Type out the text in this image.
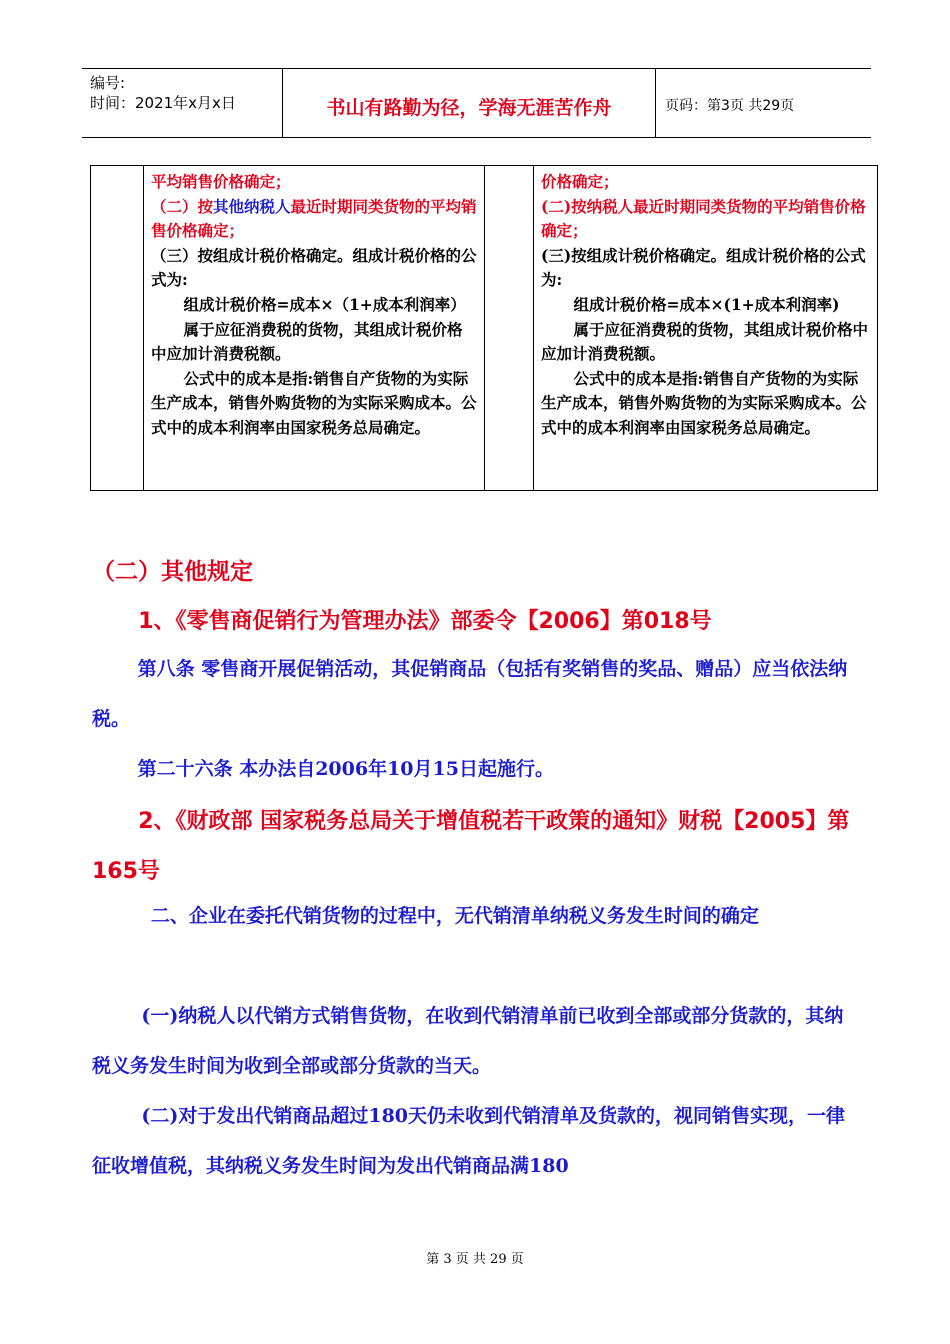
编号:
时间：2021年x月x日	书山有路勤为径，学海无涯苦作舟	页码：第3页 共29页

平均销售价格确定；

（二）按其他纳税人最近时期同类货物的平均销售价格确定；

（三）按组成计税价格确定。组成计税价格的公式为:

组成计税价格=成本×（1+成本利润率）

属于应征消费税的货物，其组成计税价格中应加计消费税额。

公式中的成本是指:销售自产货物的为实际生产成本，销售外购货物的为实际采购成本。公式中的成本利润率由国家税务总局确定。

价格确定；

(二)按纳税人最近时期同类货物的平均销售价格确定；

(三)按组成计税价格确定。组成计税价格的公式为:

组成计税价格=成本×(1+成本利润率)

属于应征消费税的货物，其组成计税价格中应加计消费税额。

公式中的成本是指:销售自产货物的为实际生产成本，销售外购货物的为实际采购成本。公式中的成本利润率由国家税务总局确定。

（二）其他规定

1、《零售商促销行为管理办法》部委令【2006】第018号

第八条 零售商开展促销活动，其促销商品（包括有奖销售的奖品、赠品）应当依法纳税。

第二十六条 本办法自2006年10月15日起施行。

2、《财政部 国家税务总局关于增值税若干政策的通知》财税【2005】第165号

二、企业在委托代销货物的过程中，无代销清单纳税义务发生时间的确定

(一)纳税人以代销方式销售货物，在收到代销清单前已收到全部或部分货款的，其纳税义务发生时间为收到全部或部分货款的当天。

(二)对于发出代销商品超过180天仍未收到代销清单及货款的，视同销售实现，一律征收增值税，其纳税义务发生时间为发出代销商品满180

第 3 页 共 29 页
